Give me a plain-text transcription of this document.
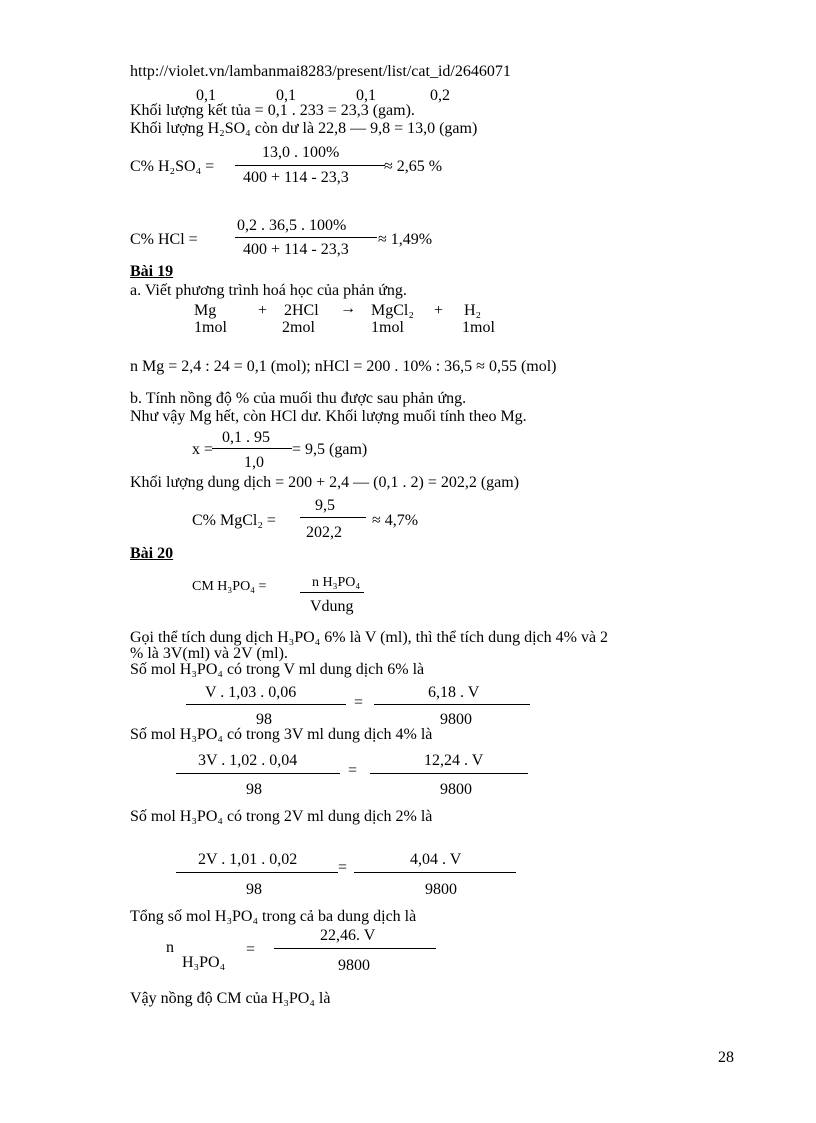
http://violet.vn/lambanmai8283/present/list/cat_id/2646071
0,1	0,1	0,1	0,2
Khối lượng kết tủa = 0,1 . 233 = 23,3 (gam).
Khối lượng H₂SO₄ còn dư là 22,8 — 9,8 = 13,0 (gam)
C% H₂SO₄ =
13,0 . 100%
400 + 114 - 23,3
≈ 2,65 %
C% HCl =
0,2 . 36,5 . 100%
400 + 114 - 23,3
≈ 1,49%
Bài 19
a. Viết phương trình hoá học của phản ứng.
Mg	+ 2HCl → MgCl₂ + H₂
1mol	2mol	1mol	1mol
n Mg = 2,4 : 24 = 0,1 (mol); nHCl = 200 . 10% : 36,5 ≈ 0,55 (mol)
b. Tính nồng độ % của muối thu được sau phản ứng.
Như vậy Mg hết, còn HCl dư. Khối lượng muối tính theo Mg.
x =
0,1 . 95
1,0
= 9,5 (gam)
Khối lượng dung dịch = 200 + 2,4 — (0,1 . 2) = 202,2 (gam)
C% MgCl₂ =
9,5
202,2
≈ 4,7%
Bài 20
CM H₃PO₄ =	n H₃PO₄
Vdung
Gọi thể tích dung dịch H₃PO₄ 6% là V (ml), thì thể tích dung dịch 4% và 2
% là 3V(ml) và 2V (ml).
Số mol H₃PO₄ có trong V ml dung dịch 6% là
V . 1,03 . 0,06
98
=
6,18 . V
9800
Số mol H₃PO₄ có trong 3V ml dung dịch 4% là
3V . 1,02 . 0,04
98
=
12,24 . V
9800
Số mol H₃PO₄ có trong 2V ml dung dịch 2% là
2V . 1,01 . 0,02
98
=	4,04 . V
9800
Tổng số mol H₃PO₄ trong cả ba dung dịch là
n
H₃PO₄
=
22,46. V
9800
Vậy nồng độ CM của H₃PO₄ là
28
